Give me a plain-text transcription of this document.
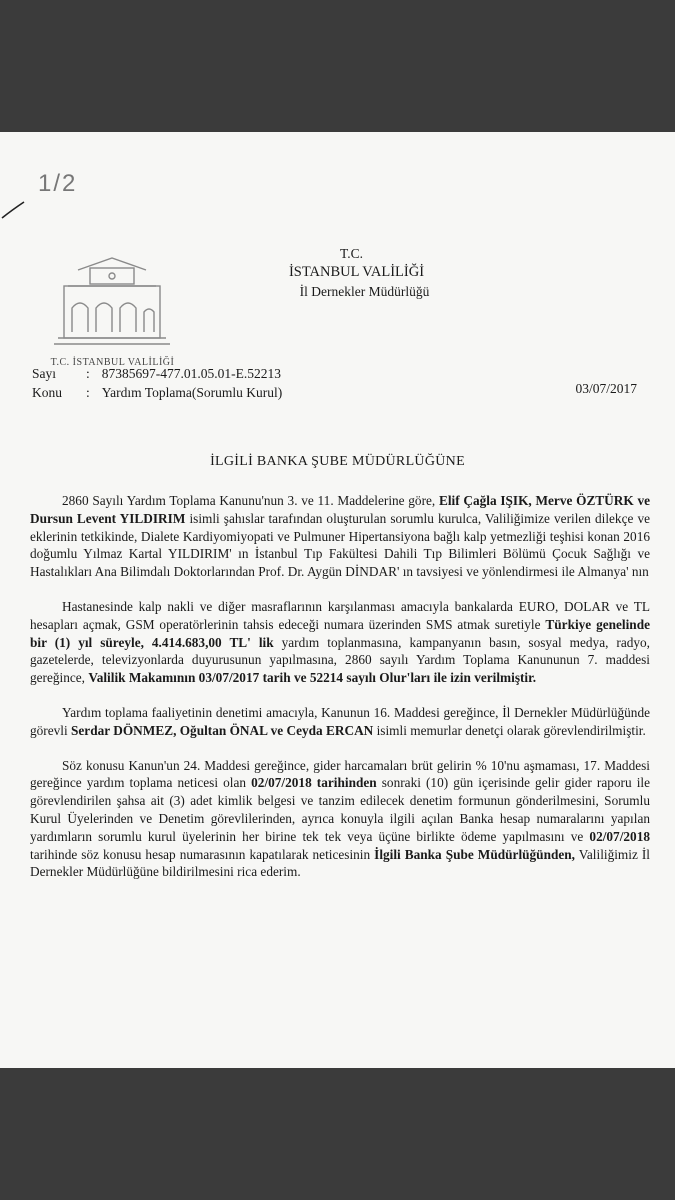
1/2
T.C. İSTANBUL VALİLİĞİ
T.C.
İSTANBUL VALİLİĞİ
İl Dernekler Müdürlüğü
Sayı : 87385697-477.01.05.01-E.52213
Konu : Yardım Toplama(Sorumlu Kurul)	03/07/2017
İLGİLİ BANKA ŞUBE MÜDÜRLÜĞÜNE

2860 Sayılı Yardım Toplama Kanunu'nun 3. ve 11. Maddelerine göre, Elif Çağla IŞIK, Merve ÖZTÜRK ve Dursun Levent YILDIRIM isimli şahıslar tarafından oluşturulan sorumlu kurulca, Valiliğimize verilen dilekçe ve eklerinin tetkikinde, Dialete Kardiyomiyopati ve Pulmuner Hipertansiyona bağlı kalp yetmezliği teşhisi konan 2016 doğumlu Yılmaz Kartal YILDIRIM' ın İstanbul Tıp Fakültesi Dahili Tıp Bilimleri Bölümü Çocuk Sağlığı ve Hastalıkları Ana Bilimdalı Doktorlarından Prof. Dr. Aygün DİNDAR' ın tavsiyesi ve yönlendirmesi ile Almanya' nın

Hastanesinde kalp nakli ve diğer masraflarının karşılanması amacıyla bankalarda EURO, DOLAR ve TL hesapları açmak, GSM operatörlerinin tahsis edeceği numara üzerinden SMS atmak suretiyle Türkiye genelinde bir (1) yıl süreyle, 4.414.683,00 TL' lik yardım toplanmasına, kampanyanın basın, sosyal medya, radyo, gazetelerde, televizyonlarda duyurusunun yapılmasına, 2860 sayılı Yardım Toplama Kanununun 7. maddesi gereğince, Valilik Makamının 03/07/2017 tarih ve 52214 sayılı Olur'ları ile izin verilmiştir.

Yardım toplama faaliyetinin denetimi amacıyla, Kanunun 16. Maddesi gereğince, İl Dernekler Müdürlüğünde görevli Serdar DÖNMEZ, Oğultan ÖNAL ve Ceyda ERCAN isimli memurlar denetçi olarak görevlendirilmiştir.

Söz konusu Kanun'un 24. Maddesi gereğince, gider harcamaları brüt gelirin % 10'nu aşmaması, 17. Maddesi gereğince yardım toplama neticesi olan 02/07/2018 tarihinden sonraki (10) gün içerisinde gelir gider raporu ile görevlendirilen şahsa ait (3) adet kimlik belgesi ve tanzim edilecek denetim formunun gönderilmesini, Sorumlu Kurul Üyelerinden ve Denetim görevlilerinden, ayrıca konuyla ilgili açılan Banka hesap numaralarını yapılan yardımların sorumlu kurul üyelerinin her birine tek tek veya üçüne birlikte ödeme yapılmasını ve 02/07/2018 tarihinde söz konusu hesap numarasının kapatılarak neticesinin İlgili Banka Şube Müdürlüğünden, Valiliğimiz İl Dernekler Müdürlüğüne bildirilmesini rica ederim.
